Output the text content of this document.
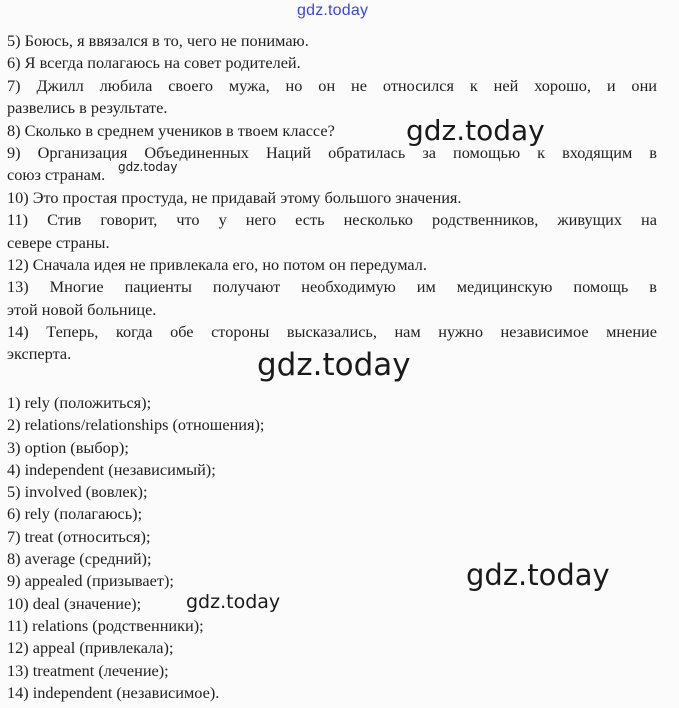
gdz.today
5) Боюсь, я ввязался в то, чего не понимаю.
6) Я всегда полагаюсь на совет родителей.
7) Джилл любила своего мужа, но он не относился к ней хорошо, и они
развелись в результате.
8) Сколько в среднем учеников в твоем классе?
9) Организация Объединенных Наций обратилась за помощью к входящим в
союз странам.
10) Это простая простуда, не придавай этому большого значения.
11) Стив говорит, что у него есть несколько родственников, живущих на
севере страны.
12) Сначала идея не привлекала его, но потом он передумал.
13) Многие пациенты получают необходимую им медицинскую помощь в
этой новой больнице.
14) Теперь, когда обе стороны высказались, нам нужно независимое мнение
эксперта.
1) rely (положиться);
2) relations/relationships (отношения);
3) option (выбор);
4) independent (независимый);
5) involved (вовлек);
6) rely (полагаюсь);
7) treat (относиться);
8) average (средний);
9) appealed (призывает);
10) deal (значение);
11) relations (родственники);
12) appeal (привлекала);
13) treatment (лечение);
14) independent (независимое).
gdz.today
gdz.today
gdz.today
gdz.today
gdz.today
